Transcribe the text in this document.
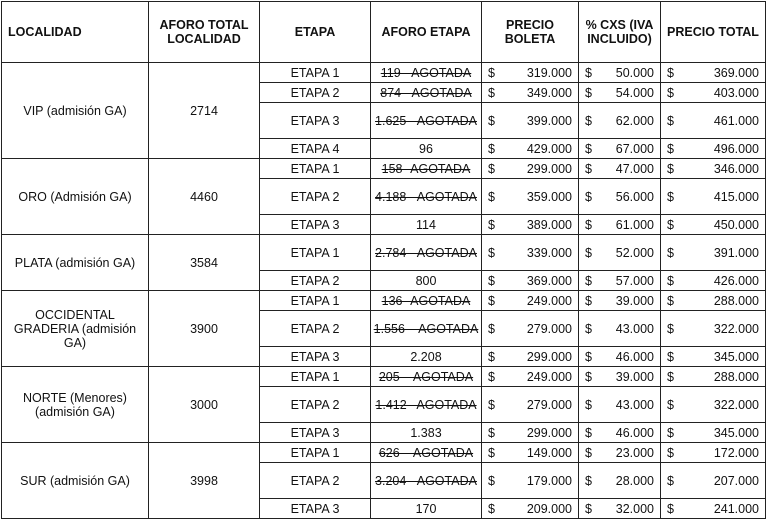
LOCALIDAD	AFORO TOTAL LOCALIDAD	ETAPA	AFORO ETAPA	PRECIO BOLETA	% CXS (IVA INCLUIDO)	PRECIO TOTAL
VIP (admisión GA)	2714	ETAPA 1	119 - AGOTADA	$ 319.000	$ 50.000	$ 369.000

		ETAPA 2	874 - AGOTADA	$ 349.000	$ 54.000	$ 403.000

		ETAPA 3	1.625 - AGOTADA	$ 399.000	$ 62.000	$ 461.000

		ETAPA 4	96	$ 429.000	$ 67.000	$ 496.000

ORO (Admisión GA)	4460	ETAPA 1	158 -AGOTADA	$ 299.000	$ 47.000	$ 346.000

		ETAPA 2	4.188 - AGOTADA	$ 359.000	$ 56.000	$ 415.000

		ETAPA 3	114	$ 389.000	$ 61.000	$ 450.000

PLATA (admisión GA)	3584	ETAPA 1	2.784 - AGOTADA	$ 339.000	$ 52.000	$ 391.000

		ETAPA 2	800	$ 369.000	$ 57.000	$ 426.000

OCCIDENTAL GRADERIA (admisión GA)	3900	ETAPA 1	136 -AGOTADA	$ 249.000	$ 39.000	$ 288.000

		ETAPA 2	1.556 – AGOTADA	$ 279.000	$ 43.000	$ 322.000

		ETAPA 3	2.208	$ 299.000	$ 46.000	$ 345.000

NORTE (Menores) (admisión GA)	3000	ETAPA 1	205 – AGOTADA	$ 249.000	$ 39.000	$ 288.000

		ETAPA 2	1.412– AGOTADA	$ 279.000	$ 43.000	$ 322.000

		ETAPA 3	1.383	$ 299.000	$ 46.000	$ 345.000

SUR (admisión GA)	3998	ETAPA 1	626 – AGOTADA	$ 149.000	$ 23.000	$ 172.000

		ETAPA 2	3.204 - AGOTADA	$ 179.000	$ 28.000	$ 207.000

		ETAPA 3	170	$ 209.000	$ 32.000	$ 241.000
